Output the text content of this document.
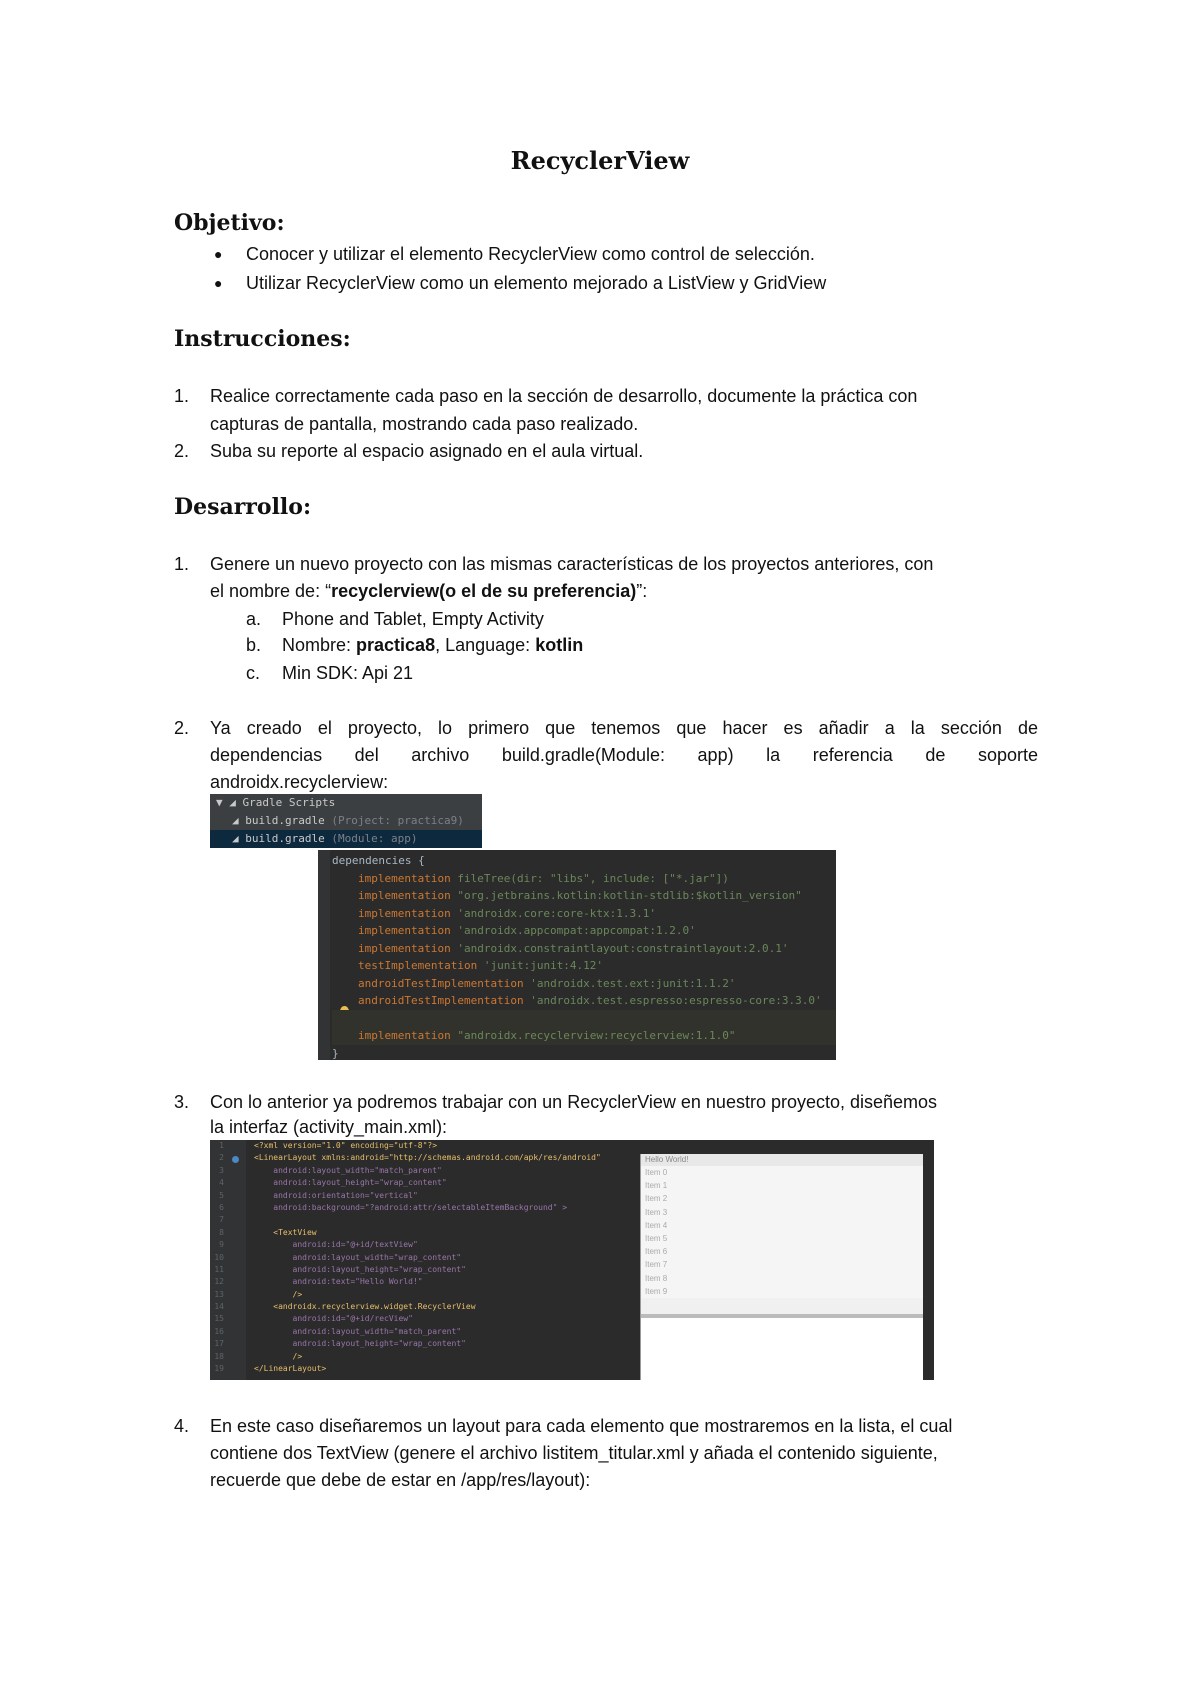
RecyclerView
Objetivo:
● Conocer y utilizar el elemento RecyclerView como control de selección.

● Utilizar RecyclerView como un elemento mejorado a ListView y GridView

Instrucciones:
1. Realice correctamente cada paso en la sección de desarrollo, documente la práctica con

capturas de pantalla, mostrando cada paso realizado.

2. Suba su reporte al espacio asignado en el aula virtual.

Desarrollo:
1. Genere un nuevo proyecto con las mismas características de los proyectos anteriores, con

el nombre de: “recyclerview(o el de su preferencia)”:

a. Phone and Tablet, Empty Activity

b. Nombre: practica8, Language: kotlin

c. Min SDK: Api 21

2. Ya creado el proyecto, lo primero que tenemos que hacer es añadir a la sección de

dependencias del archivo build.gradle(Module: app) la referencia de soporte

androidx.recyclerview:

▼ ◢ Gradle Scripts
◢ build.gradle (Project: practica9)
◢ build.gradle (Module: app)
dependencies {
implementation fileTree(dir: "libs", include: ["*.jar"])
implementation "org.jetbrains.kotlin:kotlin-stdlib:$kotlin_version"
implementation 'androidx.core:core-ktx:1.3.1'
implementation 'androidx.appcompat:appcompat:1.2.0'
implementation 'androidx.constraintlayout:constraintlayout:2.0.1'
testImplementation 'junit:junit:4.12'
androidTestImplementation 'androidx.test.ext:junit:1.1.2'
androidTestImplementation 'androidx.test.espresso:espresso-core:3.3.0'

implementation "androidx.recyclerview:recyclerview:1.1.0"
}
3. Con lo anterior ya podremos trabajar con un RecyclerView en nuestro proyecto, diseñemos

la interfaz (activity_main.xml):

1
2
3
4
5
6
7
8
9
10
11
12
13
14
15
16
17
18
19
<?xml version="1.0" encoding="utf-8"?>
<LinearLayout xmlns:android="http://schemas.android.com/apk/res/android"
android:layout_width="match_parent"
android:layout_height="wrap_content"
android:orientation="vertical"
android:background="?android:attr/selectableItemBackground" >
<TextView
android:id="@+id/textView"
android:layout_width="wrap_content"
android:layout_height="wrap_content"
android:text="Hello World!"
/>
<androidx.recyclerview.widget.RecyclerView
android:id="@+id/recView"
android:layout_width="match_parent"
android:layout_height="wrap_content"
/>
</LinearLayout>
Hello World!
Item 0
Item 1
Item 2
Item 3
Item 4
Item 5
Item 6
Item 7
Item 8
Item 9
4. En este caso diseñaremos un layout para cada elemento que mostraremos en la lista, el cual

contiene dos TextView (genere el archivo listitem_titular.xml y añada el contenido siguiente,

recuerde que debe de estar en /app/res/layout):
